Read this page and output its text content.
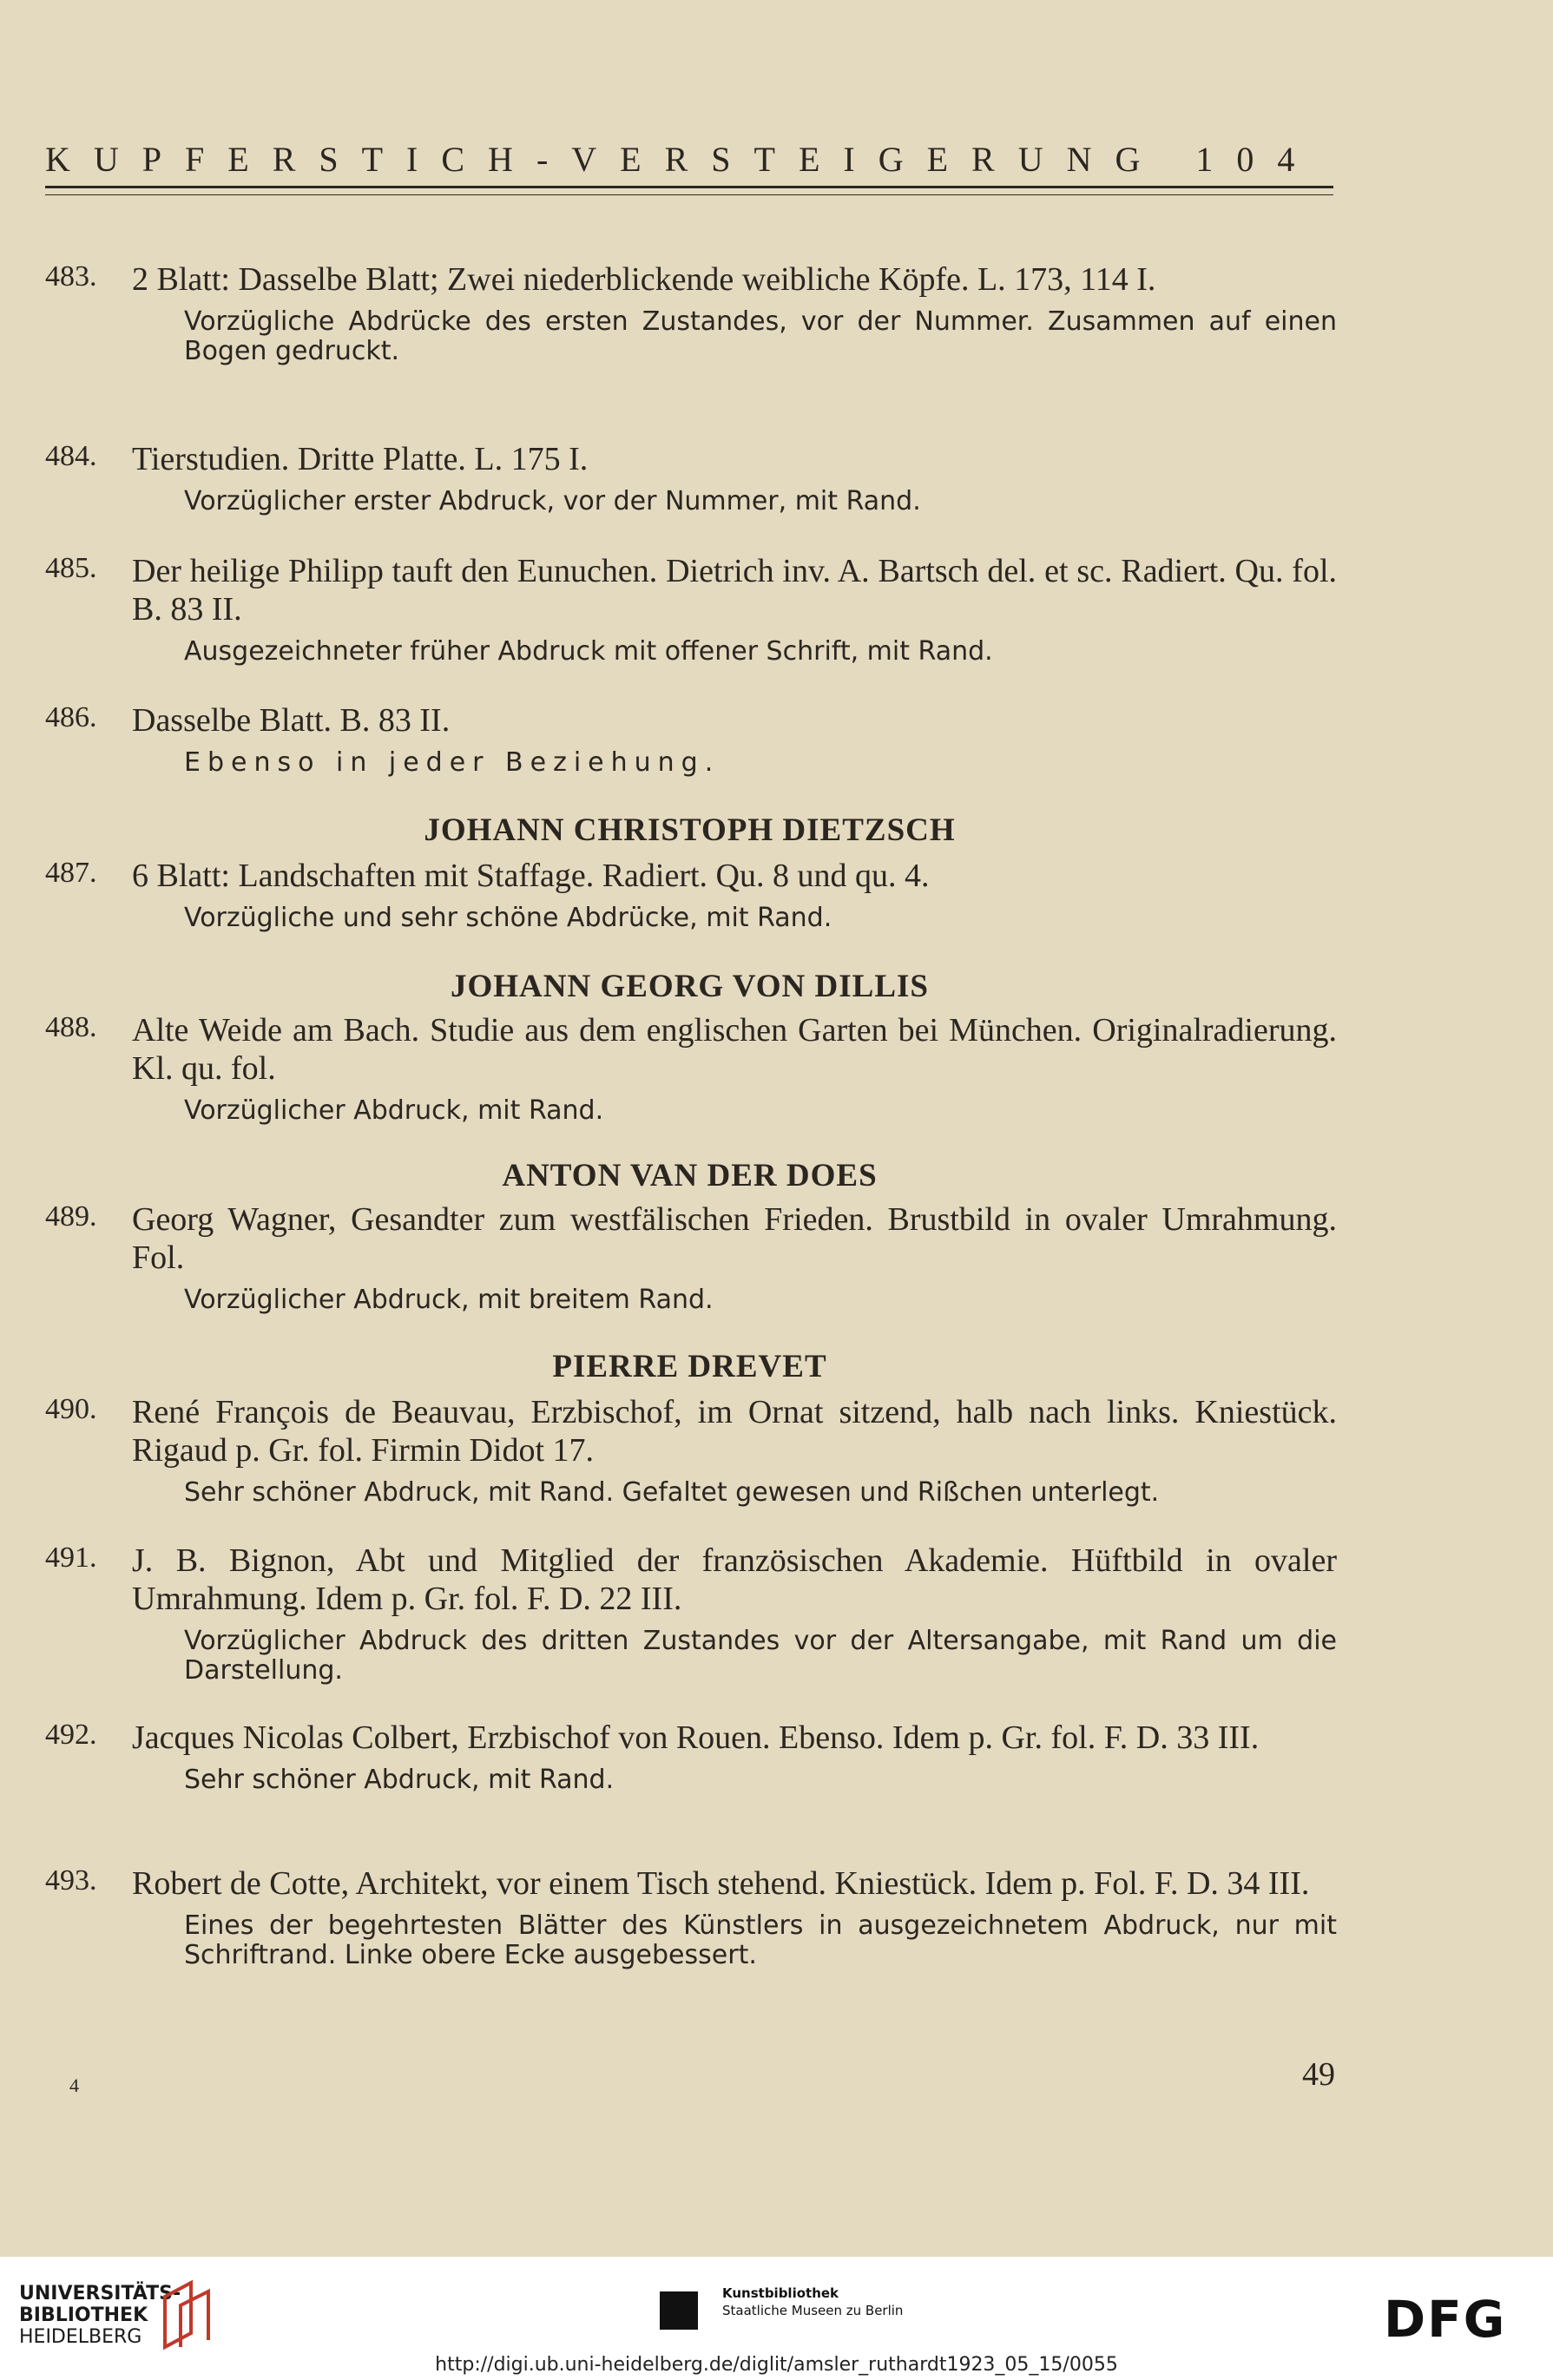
KUPFERSTICH-VERSTEIGERUNG 104
483. 2 Blatt: Dasselbe Blatt; Zwei niederblickende weibliche Köpfe. L. 173, 114 I.
Vorzügliche Abdrücke des ersten Zustandes, vor der Nummer. Zusammen auf einen Bogen gedruckt.
484. Tierstudien. Dritte Platte. L. 175 I.
Vorzüglicher erster Abdruck, vor der Nummer, mit Rand.
485. Der heilige Philipp tauft den Eunuchen. Dietrich inv. A. Bartsch del. et sc. Radiert. Qu. fol. B. 83 II.
Ausgezeichneter früher Abdruck mit offener Schrift, mit Rand.
486. Dasselbe Blatt. B. 83 II.
Ebenso in jeder Beziehung.
JOHANN CHRISTOPH DIETZSCH
487. 6 Blatt: Landschaften mit Staffage. Radiert. Qu. 8 und qu. 4.
Vorzügliche und sehr schöne Abdrücke, mit Rand.
JOHANN GEORG VON DILLIS
488. Alte Weide am Bach. Studie aus dem englischen Garten bei München. Originalradierung. Kl. qu. fol.
Vorzüglicher Abdruck, mit Rand.
ANTON VAN DER DOES
489. Georg Wagner, Gesandter zum westfälischen Frieden. Brustbild in ovaler Umrahmung. Fol.
Vorzüglicher Abdruck, mit breitem Rand.
PIERRE DREVET
490. René François de Beauvau, Erzbischof, im Ornat sitzend, halb nach links. Kniestück. Rigaud p. Gr. fol. Firmin Didot 17.
Sehr schöner Abdruck, mit Rand. Gefaltet gewesen und Rißchen unterlegt.
491. J. B. Bignon, Abt und Mitglied der französischen Akademie. Hüftbild in ovaler Umrahmung. Idem p. Gr. fol. F. D. 22 III.
Vorzüglicher Abdruck des dritten Zustandes vor der Altersangabe, mit Rand um die Darstellung.
492. Jacques Nicolas Colbert, Erzbischof von Rouen. Ebenso. Idem p. Gr. fol. F. D. 33 III.
Sehr schöner Abdruck, mit Rand.
493. Robert de Cotte, Architekt, vor einem Tisch stehend. Kniestück. Idem p. Fol. F. D. 34 III.
Eines der begehrtesten Blätter des Künstlers in ausgezeichnetem Abdruck, nur mit Schriftrand. Linke obere Ecke ausgebessert.
4	49
UNIVERSITÄTS-
BIBLIOTHEK
HEIDELBERG
Kunstbibliothek
Staatliche Museen zu Berlin	DFG
http://digi.ub.uni-heidelberg.de/diglit/amsler_ruthardt1923_05_15/0055
